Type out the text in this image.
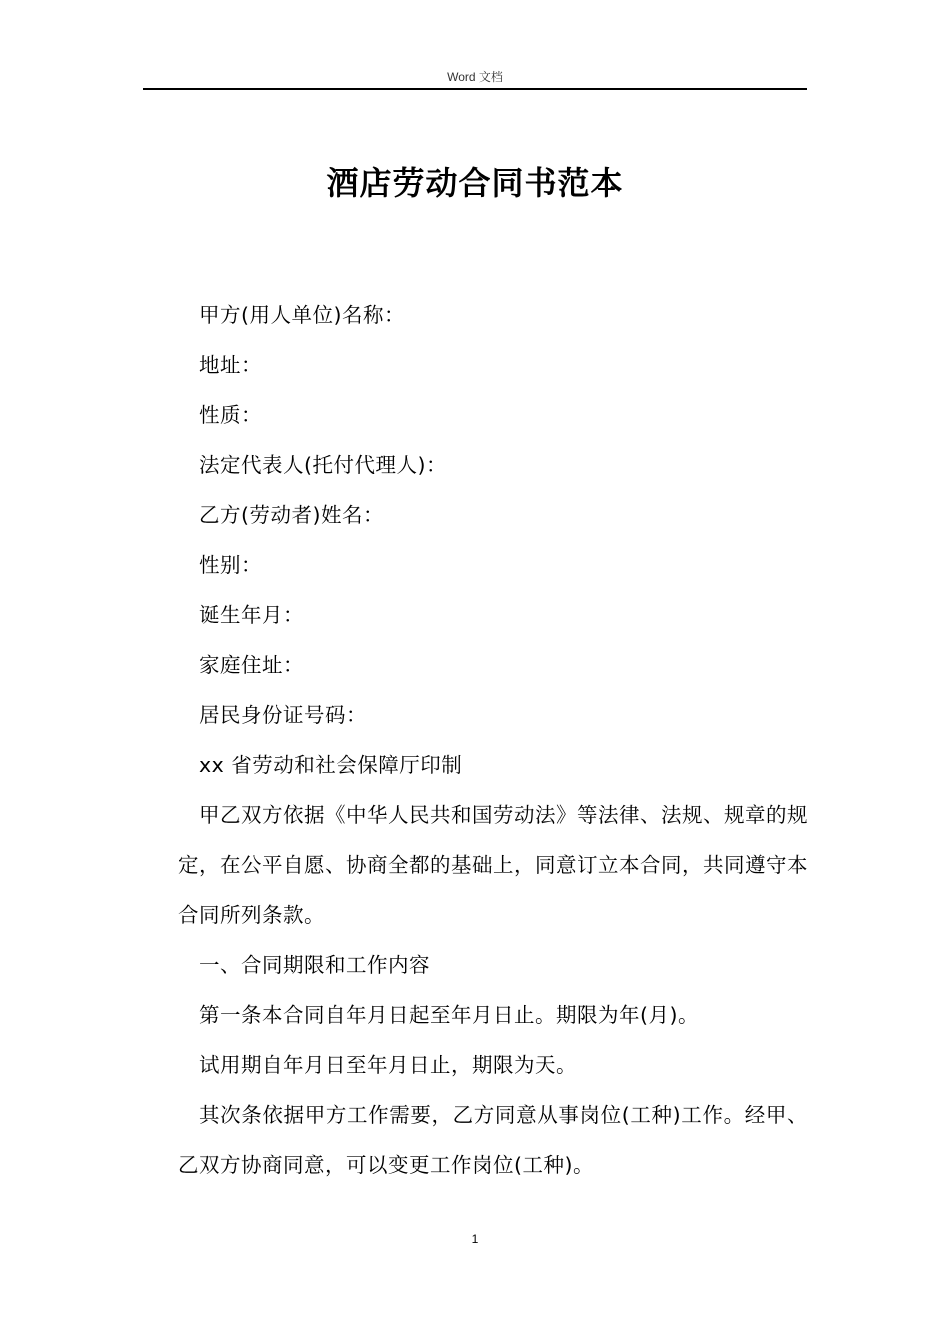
Word 文档
酒店劳动合同书范本

甲方(用人单位)名称：

地址：

性质：

法定代表人(托付代理人)：

乙方(劳动者)姓名：

性别：

诞生年月：

家庭住址：

居民身份证号码：

xx 省劳动和社会保障厅印制

甲乙双方依据《中华人民共和国劳动法》等法律、法规、规章的规定，在公平自愿、协商全都的基础上，同意订立本合同，共同遵守本合同所列条款。

一、合同期限和工作内容

第一条本合同自年月日起至年月日止。期限为年(月)。

试用期自年月日至年月日止，期限为天。

其次条依据甲方工作需要，乙方同意从事岗位(工种)工作。经甲、乙双方协商同意，可以变更工作岗位(工种)。

1
